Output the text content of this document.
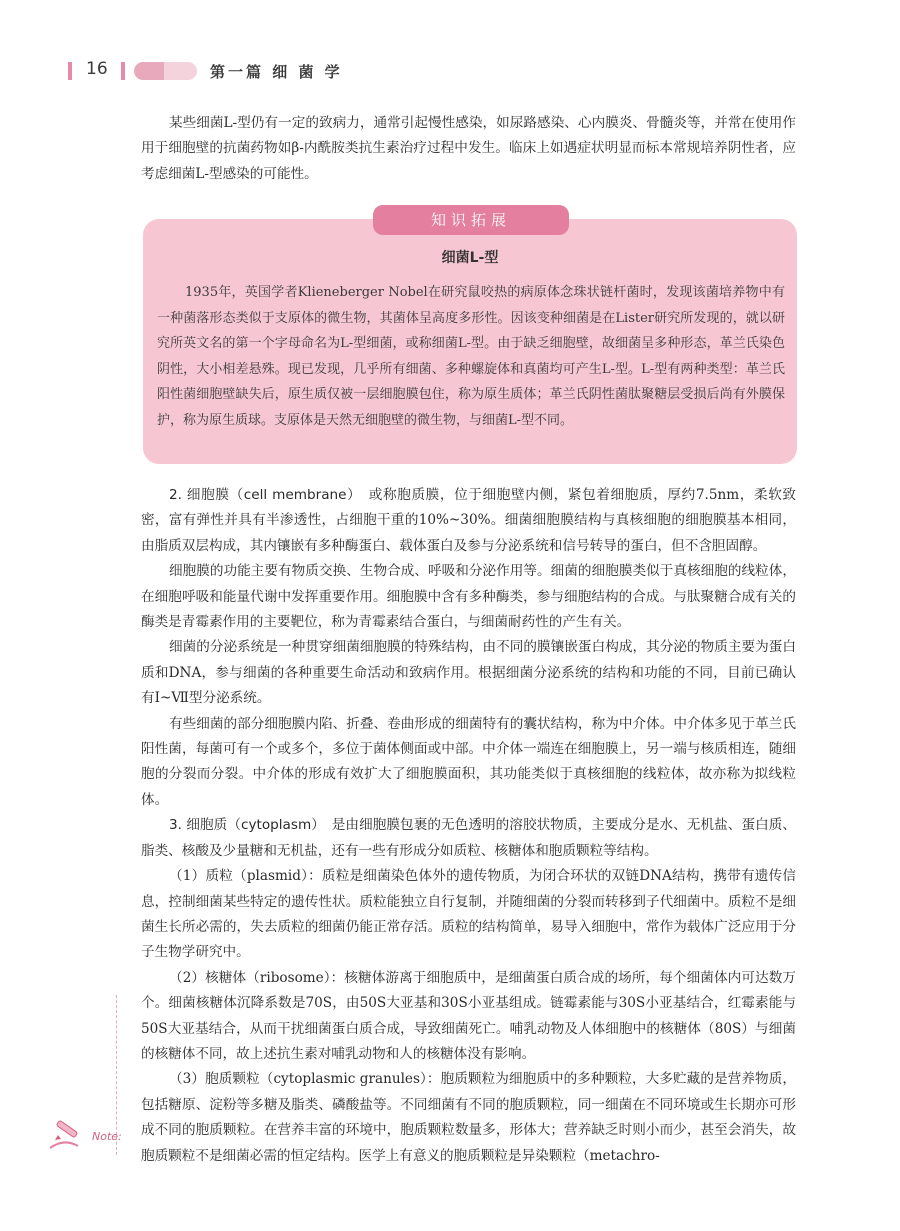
16	第一篇 细 菌 学

某些细菌L-型仍有一定的致病力，通常引起慢性感染，如尿路感染、心内膜炎、骨髓炎等，并常在使用作用于细胞壁的抗菌药物如β-内酰胺类抗生素治疗过程中发生。临床上如遇症状明显而标本常规培养阴性者，应考虑细菌L-型感染的可能性。

知识拓展
细菌L-型

1935年，英国学者Klieneberger Nobel在研究鼠咬热的病原体念珠状链杆菌时，发现该菌培养物中有一种菌落形态类似于支原体的微生物，其菌体呈高度多形性。因该变种细菌是在Lister研究所发现的，就以研究所英文名的第一个字母命名为L-型细菌，或称细菌L-型。由于缺乏细胞壁，故细菌呈多种形态，革兰氏染色阴性，大小相差悬殊。现已发现，几乎所有细菌、多种螺旋体和真菌均可产生L-型。L-型有两种类型：革兰氏阳性菌细胞壁缺失后，原生质仅被一层细胞膜包住，称为原生质体；革兰氏阴性菌肽聚糖层受损后尚有外膜保护，称为原生质球。支原体是天然无细胞壁的微生物，与细菌L-型不同。

2. 细胞膜（cell membrane）　 或称胞质膜，位于细胞壁内侧，紧包着细胞质，厚约7.5nm，柔软致密，富有弹性并具有半渗透性，占细胞干重的10%~30%。细菌细胞膜结构与真核细胞的细胞膜基本相同，由脂质双层构成，其内镶嵌有多种酶蛋白、载体蛋白及参与分泌系统和信号转导的蛋白，但不含胆固醇。

细胞膜的功能主要有物质交换、生物合成、呼吸和分泌作用等。细菌的细胞膜类似于真核细胞的线粒体，在细胞呼吸和能量代谢中发挥重要作用。细胞膜中含有多种酶类，参与细胞结构的合成。与肽聚糖合成有关的酶类是青霉素作用的主要靶位，称为青霉素结合蛋白，与细菌耐药性的产生有关。

细菌的分泌系统是一种贯穿细菌细胞膜的特殊结构，由不同的膜镶嵌蛋白构成，其分泌的物质主要为蛋白质和DNA，参与细菌的各种重要生命活动和致病作用。根据细菌分泌系统的结构和功能的不同，目前已确认有Ⅰ~Ⅶ型分泌系统。

有些细菌的部分细胞膜内陷、折叠、卷曲形成的细菌特有的囊状结构，称为中介体。中介体多见于革兰氏阳性菌，每菌可有一个或多个，多位于菌体侧面或中部。中介体一端连在细胞膜上，另一端与核质相连，随细胞的分裂而分裂。中介体的形成有效扩大了细胞膜面积，其功能类似于真核细胞的线粒体，故亦称为拟线粒体。

3. 细胞质（cytoplasm）　 是由细胞膜包裹的无色透明的溶胶状物质，主要成分是水、无机盐、蛋白质、脂类、核酸及少量糖和无机盐，还有一些有形成分如质粒、核糖体和胞质颗粒等结构。

（1）质粒（plasmid）：质粒是细菌染色体外的遗传物质，为闭合环状的双链DNA结构，携带有遗传信息，控制细菌某些特定的遗传性状。质粒能独立自行复制，并随细菌的分裂而转移到子代细菌中。质粒不是细菌生长所必需的，失去质粒的细菌仍能正常存活。质粒的结构简单，易导入细胞中，常作为载体广泛应用于分子生物学研究中。

（2）核糖体（ribosome）：核糖体游离于细胞质中，是细菌蛋白质合成的场所，每个细菌体内可达数万个。细菌核糖体沉降系数是70S，由50S大亚基和30S小亚基组成。链霉素能与30S小亚基结合，红霉素能与50S大亚基结合，从而干扰细菌蛋白质合成，导致细菌死亡。哺乳动物及人体细胞中的核糖体（80S）与细菌的核糖体不同，故上述抗生素对哺乳动物和人的核糖体没有影响。

（3）胞质颗粒（cytoplasmic granules）：胞质颗粒为细胞质中的多种颗粒，大多贮藏的是营养物质，包括糖原、淀粉等多糖及脂类、磷酸盐等。不同细菌有不同的胞质颗粒，同一细菌在不同环境或生长期亦可形成不同的胞质颗粒。在营养丰富的环境中，胞质颗粒数量多，形体大；营养缺乏时则小而少，甚至会消失，故胞质颗粒不是细菌必需的恒定结构。医学上有意义的胞质颗粒是异染颗粒（metachro-

Note:
